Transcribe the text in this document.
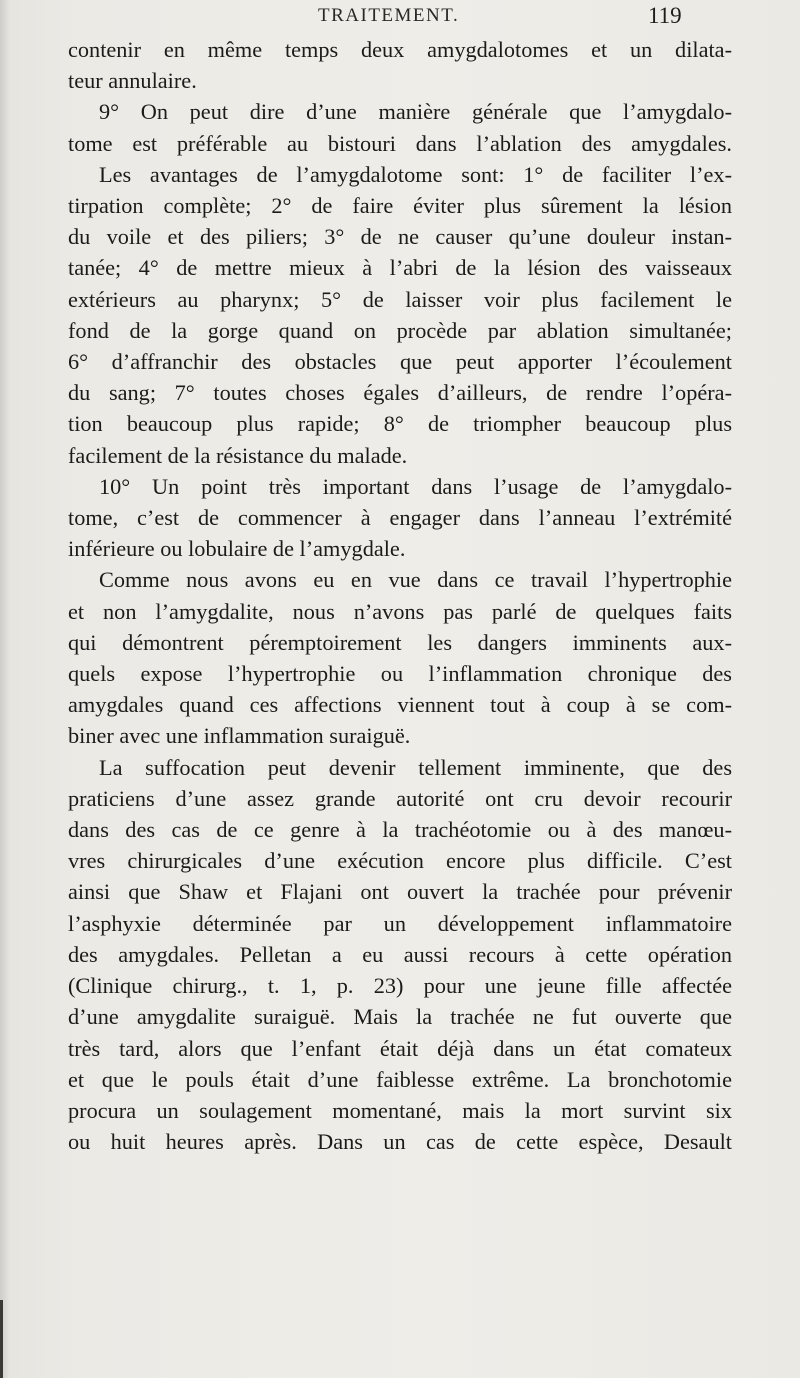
TRAITEMENT.	119
contenir en même temps deux amygdalotomes et un dilata-
teur annulaire.
9° On peut dire d’une manière générale que l’amygdalo-
tome est préférable au bistouri dans l’ablation des amygdales.
Les avantages de l’amygdalotome sont: 1° de faciliter l’ex-
tirpation complète; 2° de faire éviter plus sûrement la lésion
du voile et des piliers; 3° de ne causer qu’une douleur instan-
tanée; 4° de mettre mieux à l’abri de la lésion des vaisseaux
extérieurs au pharynx; 5° de laisser voir plus facilement le
fond de la gorge quand on procède par ablation simultanée;
6° d’affranchir des obstacles que peut apporter l’écoulement
du sang; 7° toutes choses égales d’ailleurs, de rendre l’opéra-
tion beaucoup plus rapide; 8° de triompher beaucoup plus
facilement de la résistance du malade.
10° Un point très important dans l’usage de l’amygdalo-
tome, c’est de commencer à engager dans l’anneau l’extrémité
inférieure ou lobulaire de l’amygdale.
Comme nous avons eu en vue dans ce travail l’hypertrophie
et non l’amygdalite, nous n’avons pas parlé de quelques faits
qui démontrent péremptoirement les dangers imminents aux-
quels expose l’hypertrophie ou l’inflammation chronique des
amygdales quand ces affections viennent tout à coup à se com-
biner avec une inflammation suraiguë.
La suffocation peut devenir tellement imminente, que des
praticiens d’une assez grande autorité ont cru devoir recourir
dans des cas de ce genre à la trachéotomie ou à des manœu-
vres chirurgicales d’une exécution encore plus difficile. C’est
ainsi que Shaw et Flajani ont ouvert la trachée pour prévenir
l’asphyxie déterminée par un développement inflammatoire
des amygdales. Pelletan a eu aussi recours à cette opération
(Clinique chirurg., t. 1, p. 23) pour une jeune fille affectée
d’une amygdalite suraiguë. Mais la trachée ne fut ouverte que
très tard, alors que l’enfant était déjà dans un état comateux
et que le pouls était d’une faiblesse extrême. La bronchotomie
procura un soulagement momentané, mais la mort survint six
ou huit heures après. Dans un cas de cette espèce, Desault
